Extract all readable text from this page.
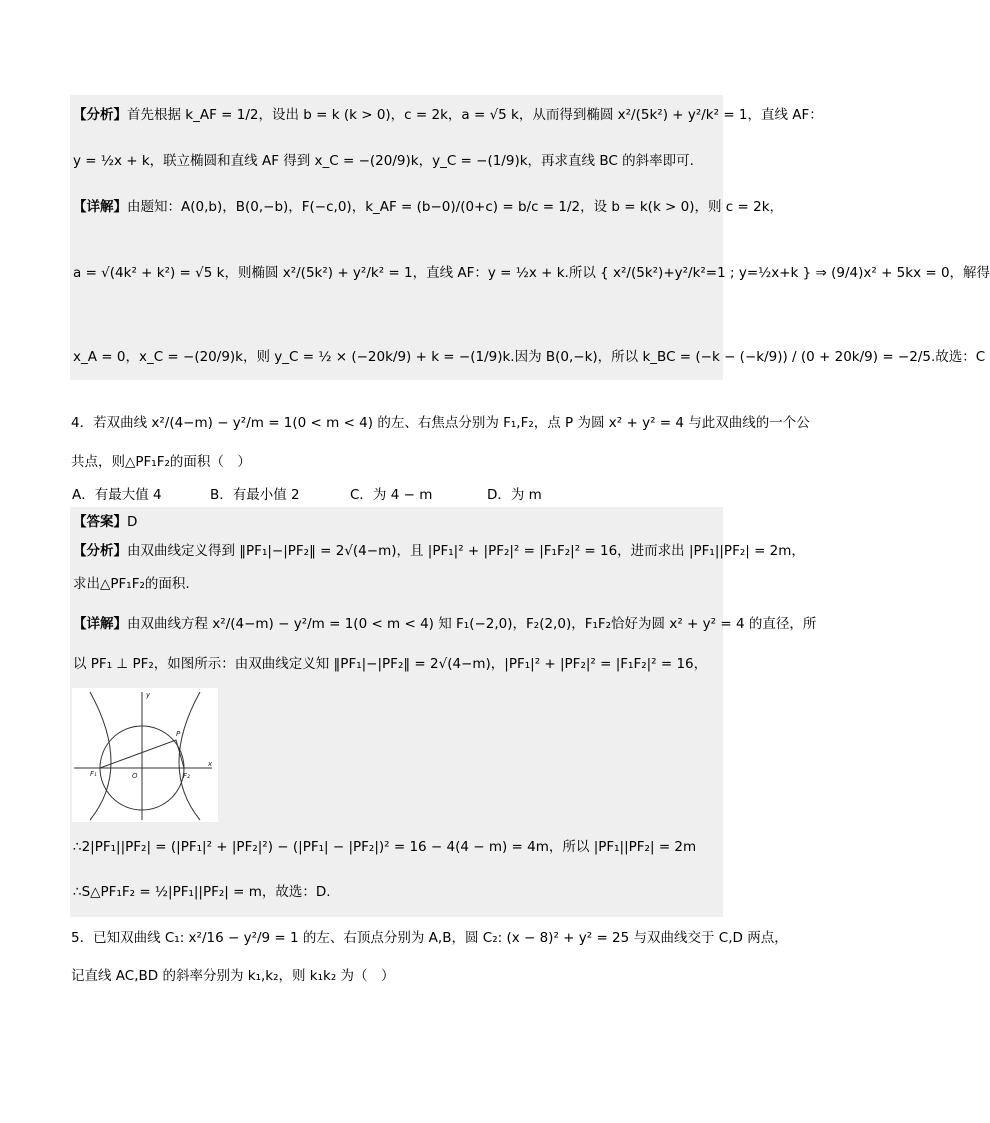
【分析】首先根据 k_AF = 1/2，设出 b = k (k > 0)，c = 2k，a = √5 k，从而得到椭圆 x²/(5k²) + y²/k² = 1，直线 AF：
y = ½x + k，联立椭圆和直线 AF 得到 x_C = −(20/9)k，y_C = −(1/9)k，再求直线 BC 的斜率即可.
【详解】由题知：A(0,b)，B(0,−b)，F(−c,0)，k_AF = (b−0)/(0+c) = b/c = 1/2，设 b = k(k > 0)，则 c = 2k，
a = √(4k² + k²) = √5 k，则椭圆 x²/(5k²) + y²/k² = 1，直线 AF：y = ½x + k.所以 { x²/(5k²)+y²/k²=1 ; y=½x+k } ⇒ (9/4)x² + 5kx = 0，解得
x_A = 0，x_C = −(20/9)k，则 y_C = ½ × (−20k/9) + k = −(1/9)k.因为 B(0,−k)，所以 k_BC = (−k − (−k/9)) / (0 + 20k/9) = −2/5.故选：C
4．若双曲线 x²/(4−m) − y²/m = 1(0 < m < 4) 的左、右焦点分别为 F₁,F₂，点 P 为圆 x² + y² = 4 与此双曲线的一个公
共点，则△PF₁F₂的面积（　）
A．有最大值 4	B．有最小值 2	C．为 4 − m	D．为 m
【答案】D
【分析】由双曲线定义得到 ‖PF₁|−|PF₂‖ = 2√(4−m)，且 |PF₁|² + |PF₂|² = |F₁F₂|² = 16，进而求出 |PF₁||PF₂| = 2m，
求出△PF₁F₂的面积.
【详解】由双曲线方程 x²/(4−m) − y²/m = 1(0 < m < 4) 知 F₁(−2,0)，F₂(2,0)，F₁F₂恰好为圆 x² + y² = 4 的直径，所
以 PF₁ ⊥ PF₂，如图所示：由双曲线定义知 ‖PF₁|−|PF₂‖ = 2√(4−m)，|PF₁|² + |PF₂|² = |F₁F₂|² = 16，
y
x
P
O
F₁	F₂
∴2|PF₁||PF₂| = (|PF₁|² + |PF₂|²) − (|PF₁| − |PF₂|)² = 16 − 4(4 − m) = 4m，所以 |PF₁||PF₂| = 2m
∴S△PF₁F₂ = ½|PF₁||PF₂| = m，故选：D.
5．已知双曲线 C₁: x²/16 − y²/9 = 1 的左、右顶点分别为 A,B，圆 C₂: (x − 8)² + y² = 25 与双曲线交于 C,D 两点，
记直线 AC,BD 的斜率分别为 k₁,k₂，则 k₁k₂ 为（　）
